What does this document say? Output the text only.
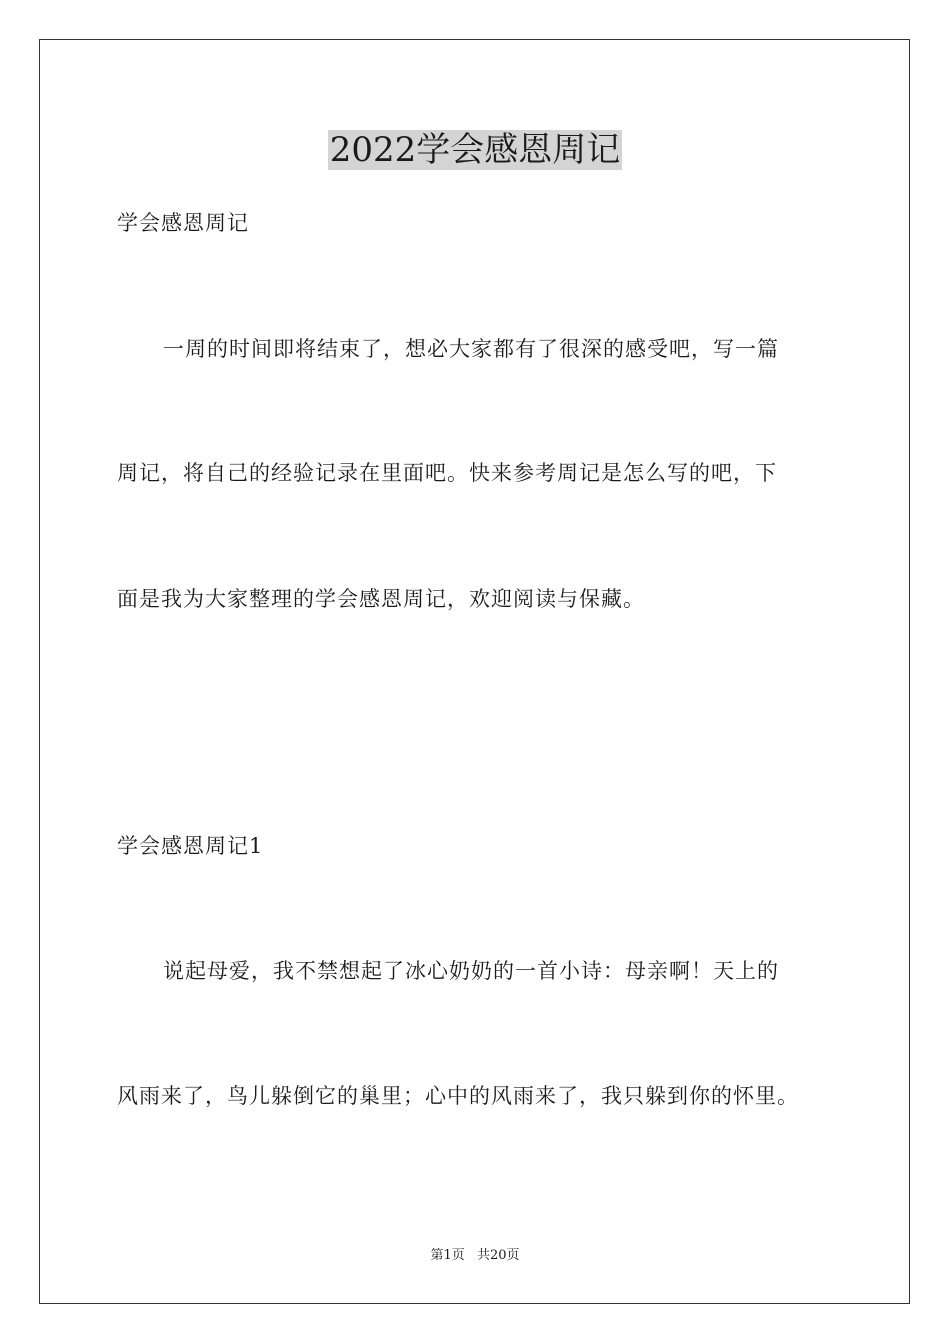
2022学会感恩周记

学会感恩周记

一周的时间即将结束了，想必大家都有了很深的感受吧，写一篇

周记，将自己的经验记录在里面吧。快来参考周记是怎么写的吧，下

面是我为大家整理的学会感恩周记，欢迎阅读与保藏。

学会感恩周记1

说起母爱，我不禁想起了冰心奶奶的一首小诗：母亲啊！天上的

风雨来了，鸟儿躲倒它的巢里；心中的风雨来了，我只躲到你的怀里。

第1页 共20页
